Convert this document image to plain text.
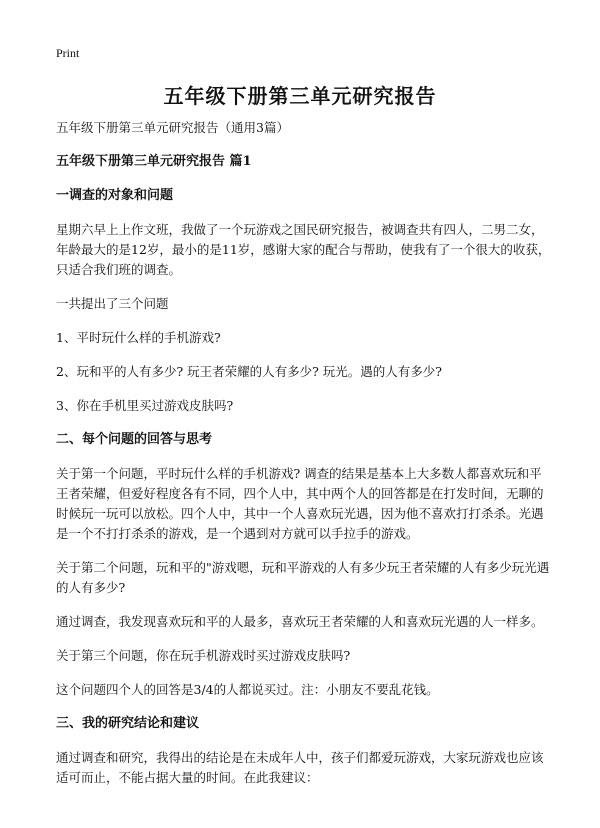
Print
五年级下册第三单元研究报告

五年级下册第三单元研究报告（通用3篇）

五年级下册第三单元研究报告 篇1

一调查的对象和问题

星期六早上上作文班，我做了一个玩游戏之国民研究报告，被调查共有四人，二男二女，年龄最大的是12岁，最小的是11岁，感谢大家的配合与帮助，使我有了一个很大的收获，只适合我们班的调查。

一共提出了三个问题

1、平时玩什么样的手机游戏?

2、玩和平的人有多少? 玩王者荣耀的人有多少? 玩光。遇的人有多少?

3、你在手机里买过游戏皮肤吗?

二、每个问题的回答与思考

关于第一个问题，平时玩什么样的手机游戏? 调查的结果是基本上大多数人都喜欢玩和平王者荣耀，但爱好程度各有不同，四个人中，其中两个人的回答都是在打发时间，无聊的时候玩一玩可以放松。四个人中，其中一个人喜欢玩光遇，因为他不喜欢打打杀杀。光遇是一个不打打杀杀的游戏，是一个遇到对方就可以手拉手的游戏。

关于第二个问题，玩和平的"游戏嗯，玩和平游戏的人有多少玩王者荣耀的人有多少玩光遇的人有多少?

通过调查，我发现喜欢玩和平的人最多，喜欢玩王者荣耀的人和喜欢玩光遇的人一样多。

关于第三个问题，你在玩手机游戏时买过游戏皮肤吗?

这个问题四个人的回答是3/4的人都说买过。注：小朋友不要乱花钱。

三、我的研究结论和建议

通过调查和研究，我得出的结论是在未成年人中，孩子们都爱玩游戏，大家玩游戏也应该适可而止，不能占据大量的时间。在此我建议：
